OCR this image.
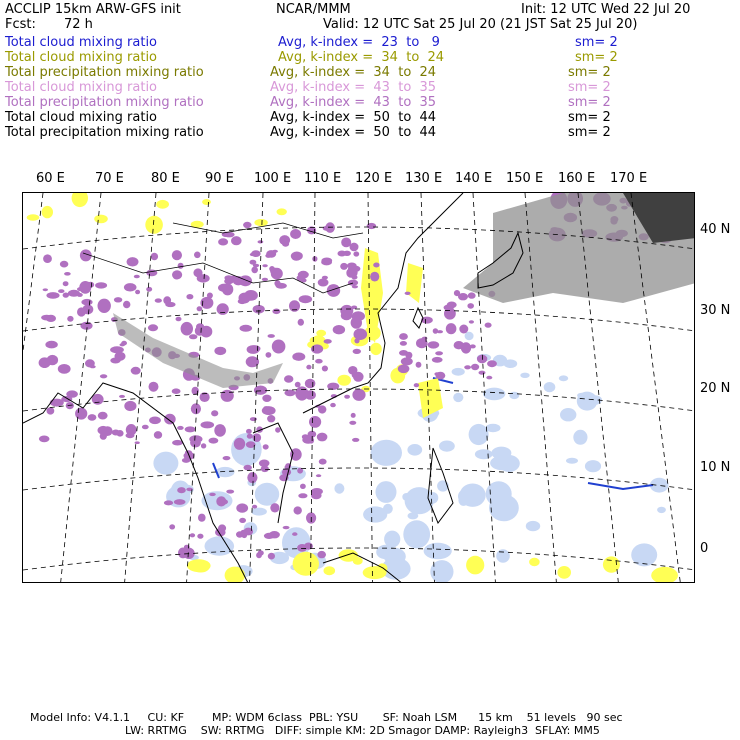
ACCLIP 15km ARW-GFS init	NCAR/MMM	Init: 12 UTC Wed 22 Jul 20
Fcst: 72 h	Valid: 12 UTC Sat 25 Jul 20 (21 JST Sat 25 Jul 20)
Total cloud mixing ratio	Avg, k-index =  23  to   9	sm= 2
Total cloud mixing ratio	Avg, k-index =  34  to  24	sm= 2
Total precipitation mixing ratio	Avg, k-index =  34  to  24	sm= 2
Total cloud mixing ratio	Avg, k-index =  43  to  35	sm= 2
Total precipitation mixing ratio	Avg, k-index =  43  to  35	sm= 2
Total cloud mixing ratio	Avg, k-index =  50  to  44	sm= 2
Total precipitation mixing ratio	Avg, k-index =  50  to  44	sm= 2
60 E 70 E 80 E 90 E 100 E 110 E 120 E 130 E 140 E 150 E 160 E 170 E
40 N
30 N
20 N
10 N
0
Model Info: V4.1.1     CU: KF        MP: WDM 6class  PBL: YSU       SF: Noah LSM      15 km    51 levels   90 sec
LW: RRTMG    SW: RRTMG   DIFF: simple KM: 2D Smagor DAMP: Rayleigh3  SFLAY: MM5
